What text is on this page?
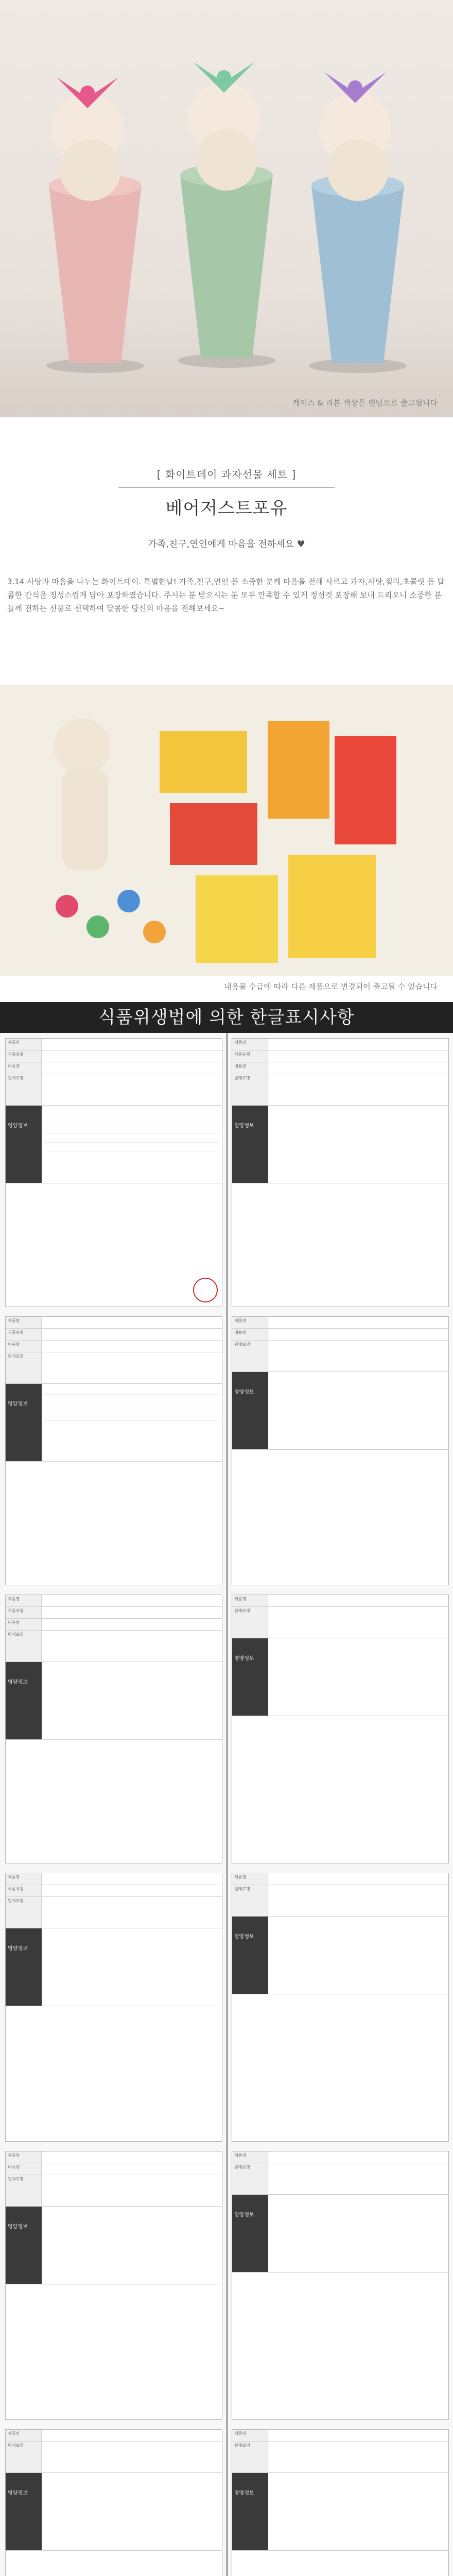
케이스 & 리본 색상은 랜덤으로 출고됩니다
[ 화이트데이 과자선물 세트 ]
베어저스트포유
가족,친구,연인에게 마음을 전하세요 ♥
3.14 사탕과 마음을 나누는 화이트데이. 특별한날! 가족,친구,연인 등 소중한 분께 마음을 전해 사르고 과자,사탕,젤리,초콜릿 등 달콤한 간식을 정성스럽게 담아 포장하였습니다. 주시는 분 받으시는 분 모두 만족할 수 있게 정성것 포장해 보내 드리오니 소중한 분들께 전하는 선물로 선택하여 달콤한 당신의 마음을 전해보세요~
내용물 수급에 따라 다른 제품으로 변경되어 출고될 수 있습니다
식품위생법에 의한 한글표시사항
제품명
식품유형
내용량
원재료명
영양정보
제품명
식품유형
내용량
원재료명
영양정보
제품명
식품유형
내용량
원재료명
영양정보
제품명
식품유형
원재료명
영양정보
제품명
내용량
원재료명
영양정보
제품명
원재료명
영양정보
제품명
식품유형
내용량
원재료명
영양정보
제품명
내용량
원재료명
영양정보
제품명
원재료명
영양정보
제품명
원재료명
영양정보
제품명
원재료명
영양정보
제품명
원재료명
영양정보
